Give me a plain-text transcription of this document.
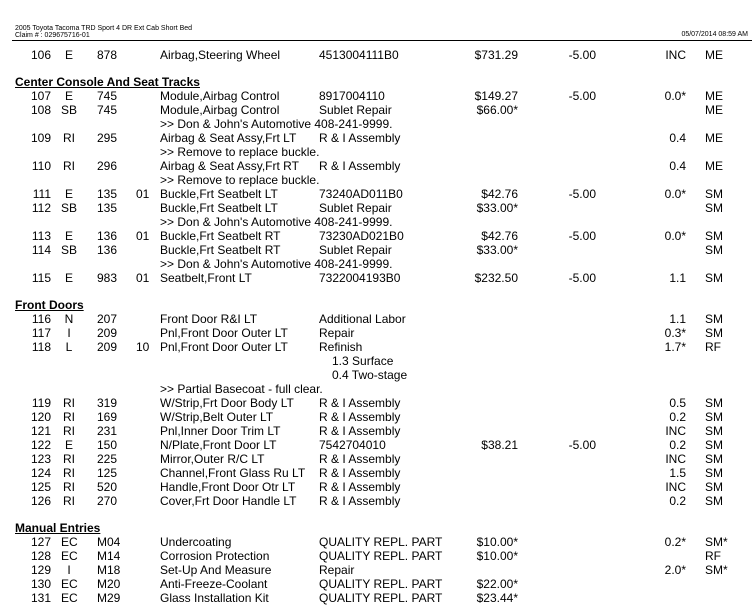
2005 Toyota Tacoma TRD Sport 4 DR Ext Cab Short Bed
Claim # : 029675716-01	05/07/2014 08:59 AM
106	E	878	Airbag,Steering Wheel	4513004111B0	$731.29	-5.00	INC ME
Center Console And Seat Tracks
107	E	745	Module,Airbag Control	8917004110	$149.27	-5.00	0.0* ME
108 SB 745	Module,Airbag Control	Sublet Repair	$66.00*	ME
>> Don & John's Automotive 408-241-9999.
109 RI 295	Airbag & Seat Assy,Frt LT	R & I Assembly	0.4 ME
>> Remove to replace buckle.
110 RI 296	Airbag & Seat Assy,Frt RT	R & I Assembly	0.4 ME
>> Remove to replace buckle.
111	E	135	01 Buckle,Frt Seatbelt LT	73240AD011B0	$42.76	-5.00	0.0* SM
112 SB 135	Buckle,Frt Seatbelt LT	Sublet Repair	$33.00*	SM
>> Don & John's Automotive 408-241-9999.
113	E	136	01 Buckle,Frt Seatbelt RT	73230AD021B0	$42.76	-5.00	0.0* SM
114 SB 136	Buckle,Frt Seatbelt RT	Sublet Repair	$33.00*	SM
>> Don & John's Automotive 408-241-9999.
115	E	983	01 Seatbelt,Front LT	7322004193B0	$232.50	-5.00	1.1 SM
Front Doors
116	N	207	Front Door R&I LT	Additional Labor	1.1 SM
117	I	209	Pnl,Front Door Outer LT	Repair	0.3* SM
118	L	209	10 Pnl,Front Door Outer LT	Refinish	1.7* RF
1.3 Surface
0.4 Two-stage
>> Partial Basecoat - full clear.
119 RI 319	W/Strip,Frt Door Body LT	R & I Assembly	0.5 SM
120 RI 169	W/Strip,Belt Outer LT	R & I Assembly	0.2 SM
121 RI 231	Pnl,Inner Door Trim LT	R & I Assembly	INC SM
122	E	150	N/Plate,Front Door LT	7542704010	$38.21	-5.00	0.2 SM
123 RI 225	Mirror,Outer R/C LT	R & I Assembly	INC SM
124 RI 125	Channel,Front Glass Ru LT	R & I Assembly	1.5 SM
125 RI 520	Handle,Front Door Otr LT	R & I Assembly	INC SM
126 RI 270	Cover,Frt Door Handle LT	R & I Assembly	0.2 SM
Manual Entries
127 EC M04	Undercoating	QUALITY REPL. PART	$10.00*	0.2* SM*
128 EC M14	Corrosion Protection	QUALITY REPL. PART	$10.00*	RF
129	I	M18	Set-Up And Measure	Repair	2.0* SM*
130 EC M20	Anti-Freeze-Coolant	QUALITY REPL. PART	$22.00*
131 EC M29	Glass Installation Kit	QUALITY REPL. PART	$23.44*
